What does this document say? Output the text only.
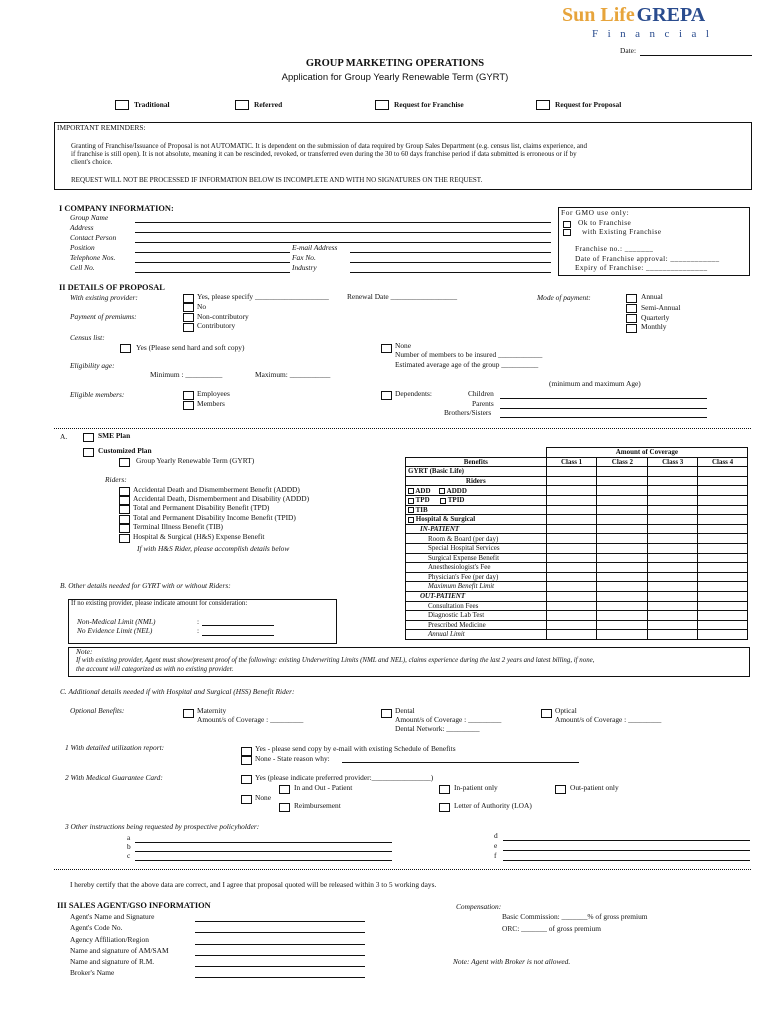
Sun Life GREPA
Financial
Date:
GROUP MARKETING OPERATIONS
Application for Group Yearly Renewable Term (GYRT)
Traditional	Referred	Request for Franchise	Request for Proposal
IMPORTANT REMINDERS:
Granting of Franchise/Issuance of Proposal is not AUTOMATIC. It is dependent on the submission of data required by Group Sales Department (e.g. census list, claims experience, and
if franchise is still open). It is not absolute, meaning it can be rescinded, revoked, or transferred even during the 30 to 60 days franchise period if data submitted is erroneous or if by
client's choice.
REQUEST WILL NOT BE PROCESSED IF INFORMATION BELOW IS INCOMPLETE AND WITH NO SIGNATURES ON THE REQUEST.
I COMPANY INFORMATION:
Group Name
Address
Contact Person
Position	E-mail Address
Telephone Nos.	Fax No.
Cell No.	Industry
For GMO use only:
Ok to Franchise
with Existing Franchise
Franchise no.: _______
Date of Franchise approval: ____________
Expiry of Franchise: _______________
II DETAILS OF PROPOSAL
With existing provider:	Yes, please specify ____________________ Renewal Date __________________
No
Payment of premiums:	Non-contributory
Contributory
Mode of payment:	Annual
Semi-Annual
Quarterly
Monthly
Census list:
Yes (Please send hard and soft copy)	None
Number of members to be insured ____________
Eligibility age:	Estimated average age of the group __________
Minimum : __________	Maximum: ___________
(minimum and maximum Age)
Eligible members:	Employees
Members
Dependents:	Children
Parents
Brothers/Sisters
A.	SME Plan
Customized Plan
Group Yearly Renewable Term (GYRT)
Riders:
Accidental Death and Dismemberment Benefit (ADDD)
Accidental Death, Dismemberment and Disability (ADDD)
Total and Permanent Disability Benefit (TPD)
Total and Permanent Disability Income Benefit (TPID)
Terminal Illness Benefit (TIB)
Hospital & Surgical (H&S) Expense Benefit
If with H&S Rider, please accomplish details below
B. Other details needed for GYRT with or without Riders:
	Amount of Coverage			
Benefits	Class 1	Class 2	Class 3	Class 4
GYRT (Basic Life)				
Riders				
ADD ADDD				
TPD TPID				
TIB				
Hospital & Surgical				
IN-PATIENT				
Room & Board (per day)				
Special Hospital Services				
Surgical Expense Benefit				
Anesthesiologist's Fee				
Physician's Fee (per day)				
Maximum Benefit Limit				
OUT-PATIENT				
Consultation Fees				
Diagnostic Lab Test				
Prescribed Medicine				
Annual Limit				
If no existing provider, please indicate amount for consideration:
Non-Medical Limit (NML)	:
No Evidence Limit (NEL)	:
Note:
If with existing provider, Agent must show/present proof of the following: existing Underwriting Limits (NML and NEL), claims experience during the last 2 years and latest billing, if none,
the account will categorized as with no existing provider.
C. Additional details needed if with Hospital and Surgical (HSS) Benefit Rider:
Optional Benefits:	Maternity
Amount/s of Coverage : _________
Dental
Amount/s of Coverage : _________
Dental Network: _________
Optical
Amount/s of Coverage : _________
1 With detailed utilization report:	Yes - please send copy by e-mail with existing Schedule of Benefits
None - State reason why:
2 With Medical Guarantee Card:	Yes (please indicate preferred provider:________________)
In and Out - Patient	In-patient only	Out-patient only
None
Reimbursement	Letter of Authority (LOA)
3 Other instructions being requested by prospective policyholder:
a
b
c
d
e
f
I hereby certify that the above data are correct, and I agree that proposal quoted will be released within 3 to 5 working days.
III SALES AGENT/GSO INFORMATION
Agent's Name and Signature
Agent's Code No.
Agency Affiliation/Region
Name and signature of AM/SAM
Name and signature of R.M.
Broker's Name
Compensation:
Basic Commission: _______% of gross premium
ORC: _______ of gross premium
Note: Agent with Broker is not allowed.
